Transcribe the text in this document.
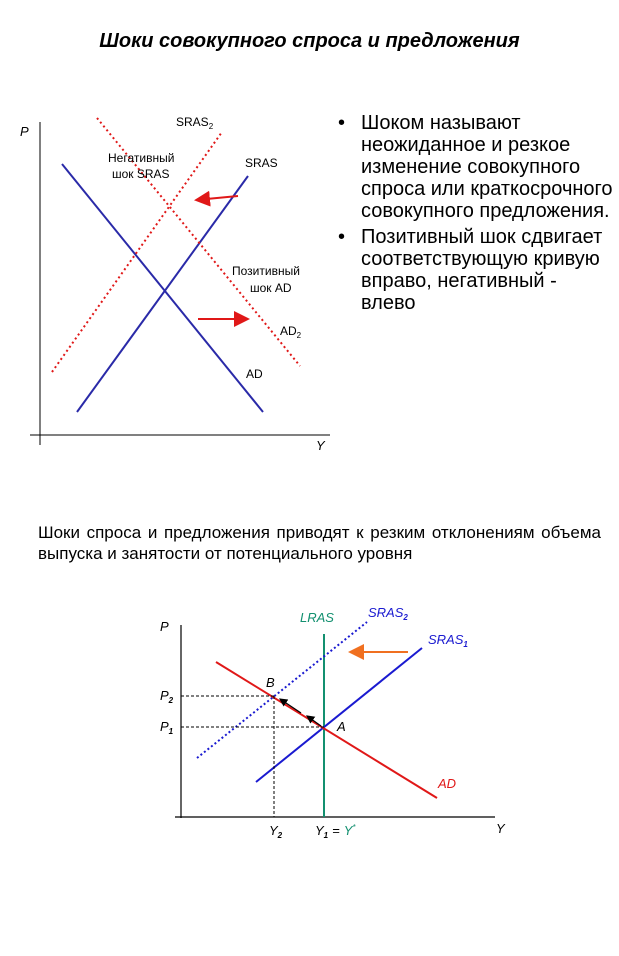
Шоки совокупного спроса и предложения
P
Y
$SRAS_2$
Негативный
шок SRAS
SRAS
Позитивный
шок AD
$AD_2$
AD
• Шоком называют неожиданное и резкое изменение совокупного спроса или краткосрочного совокупного предложения.
• Позитивный шок сдвигает соответствующую кривую вправо, негативный - влево
Шоки спроса и предложения приводят к резким отклонениям объема выпуска и занятости от потенциального уровня
P
Y
LRAS	$SRAS_2$
$SRAS_1$
AD
A
B
$P_2$
$P_1$
$Y_2$	$Y_1 = Y^*$
